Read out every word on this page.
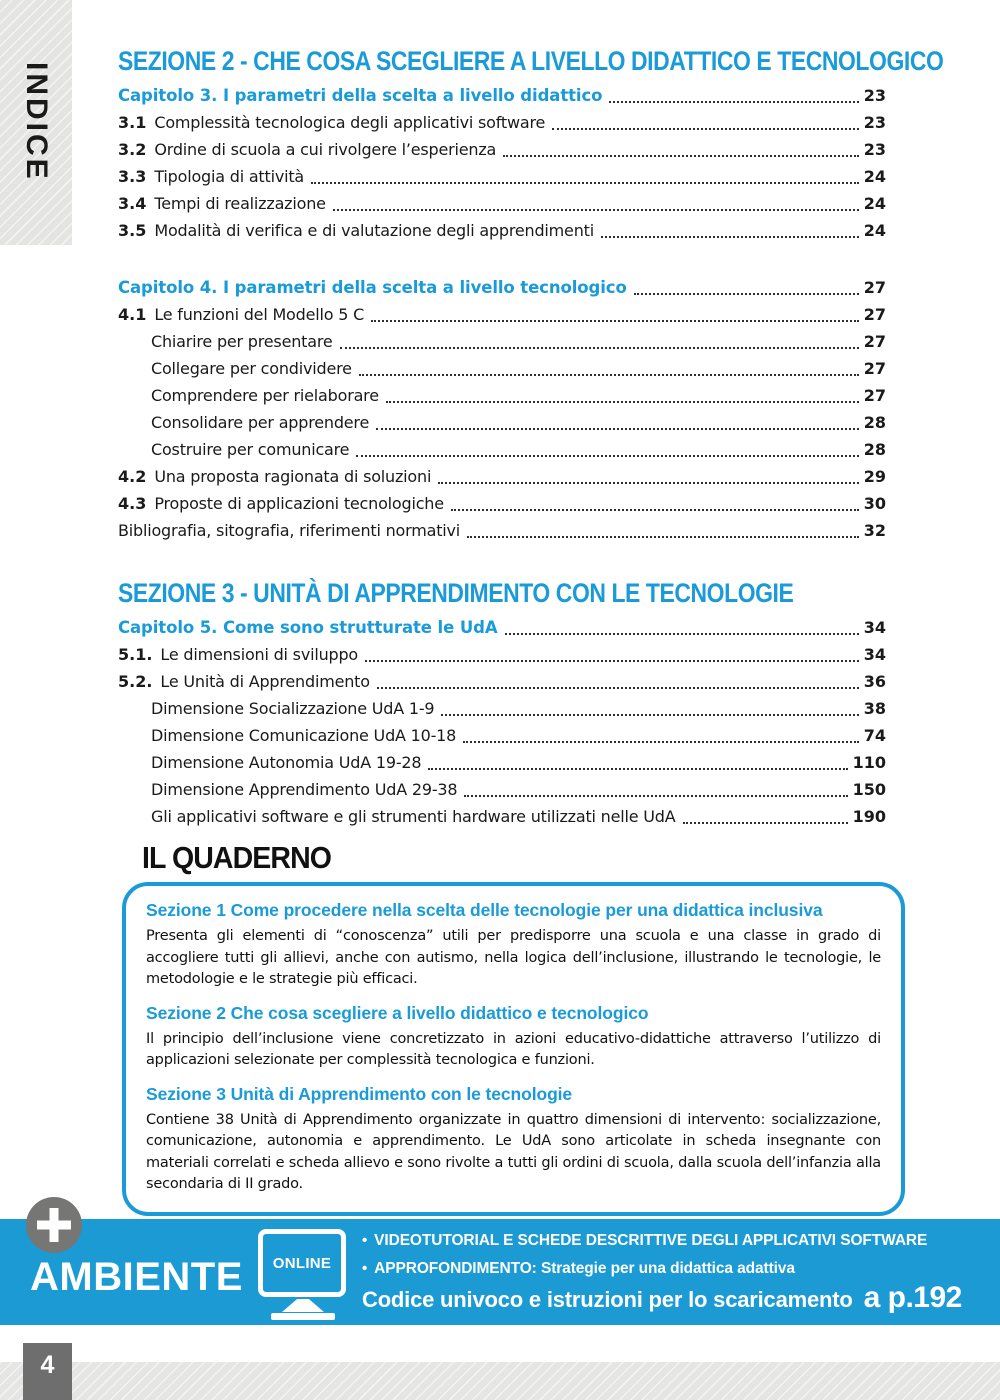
INDICE
SEZIONE 2 - CHE COSA SCEGLIERE A LIVELLO DIDATTICO E TECNOLOGICO
Capitolo 3. I parametri della scelta a livello didattico	23
3.1 Complessità tecnologica degli applicativi software	23
3.2 Ordine di scuola a cui rivolgere l’esperienza	23
3.3 Tipologia di attività	24
3.4 Tempi di realizzazione	24
3.5 Modalità di verifica e di valutazione degli apprendimenti	24
Capitolo 4. I parametri della scelta a livello tecnologico	27
4.1 Le funzioni del Modello 5 C	27
Chiarire per presentare	27
Collegare per condividere	27
Comprendere per rielaborare	27
Consolidare per apprendere	28
Costruire per comunicare	28
4.2 Una proposta ragionata di soluzioni	29
4.3 Proposte di applicazioni tecnologiche	30
Bibliografia, sitografia, riferimenti normativi	32
SEZIONE 3 - UNITÀ DI APPRENDIMENTO CON LE TECNOLOGIE
Capitolo 5. Come sono strutturate le UdA	34
5.1. Le dimensioni di sviluppo	34
5.2. Le Unità di Apprendimento	36
Dimensione Socializzazione UdA 1-9	38
Dimensione Comunicazione UdA 10-18	74
Dimensione Autonomia UdA 19-28	110
Dimensione Apprendimento UdA 29-38	150
Gli applicativi software e gli strumenti hardware utilizzati nelle UdA	190
IL QUADERNO
Sezione 1 Come procedere nella scelta delle tecnologie per una didattica inclusiva

Presenta gli elementi di “conoscenza” utili per predisporre una scuola e una classe in grado di accogliere tutti gli allievi, anche con autismo, nella logica dell’inclusione, illustrando le tecnologie, le metodologie e le strategie più efficaci.

Sezione 2 Che cosa scegliere a livello didattico e tecnologico

Il principio dell’inclusione viene concretizzato in azioni educativo-didattiche attraverso l’utilizzo di applicazioni selezionate per complessità tecnologica e funzioni.

Sezione 3 Unità di Apprendimento con le tecnologie

Contiene 38 Unità di Apprendimento organizzate in quattro dimensioni di intervento: socializzazione, comunicazione, autonomia e apprendimento. Le UdA sono articolate in scheda insegnante con materiali correlati e scheda allievo e sono rivolte a tutti gli ordini di scuola, dalla scuola dell’infanzia alla secondaria di II grado.

AMBIENTE ONLINE
• VIDEOTUTORIAL E SCHEDE DESCRITTIVE DEGLI APPLICATIVI SOFTWARE
• APPROFONDIMENTO: Strategie per una didattica adattiva
Codice univoco e istruzioni per lo scaricamento a p.192
4
